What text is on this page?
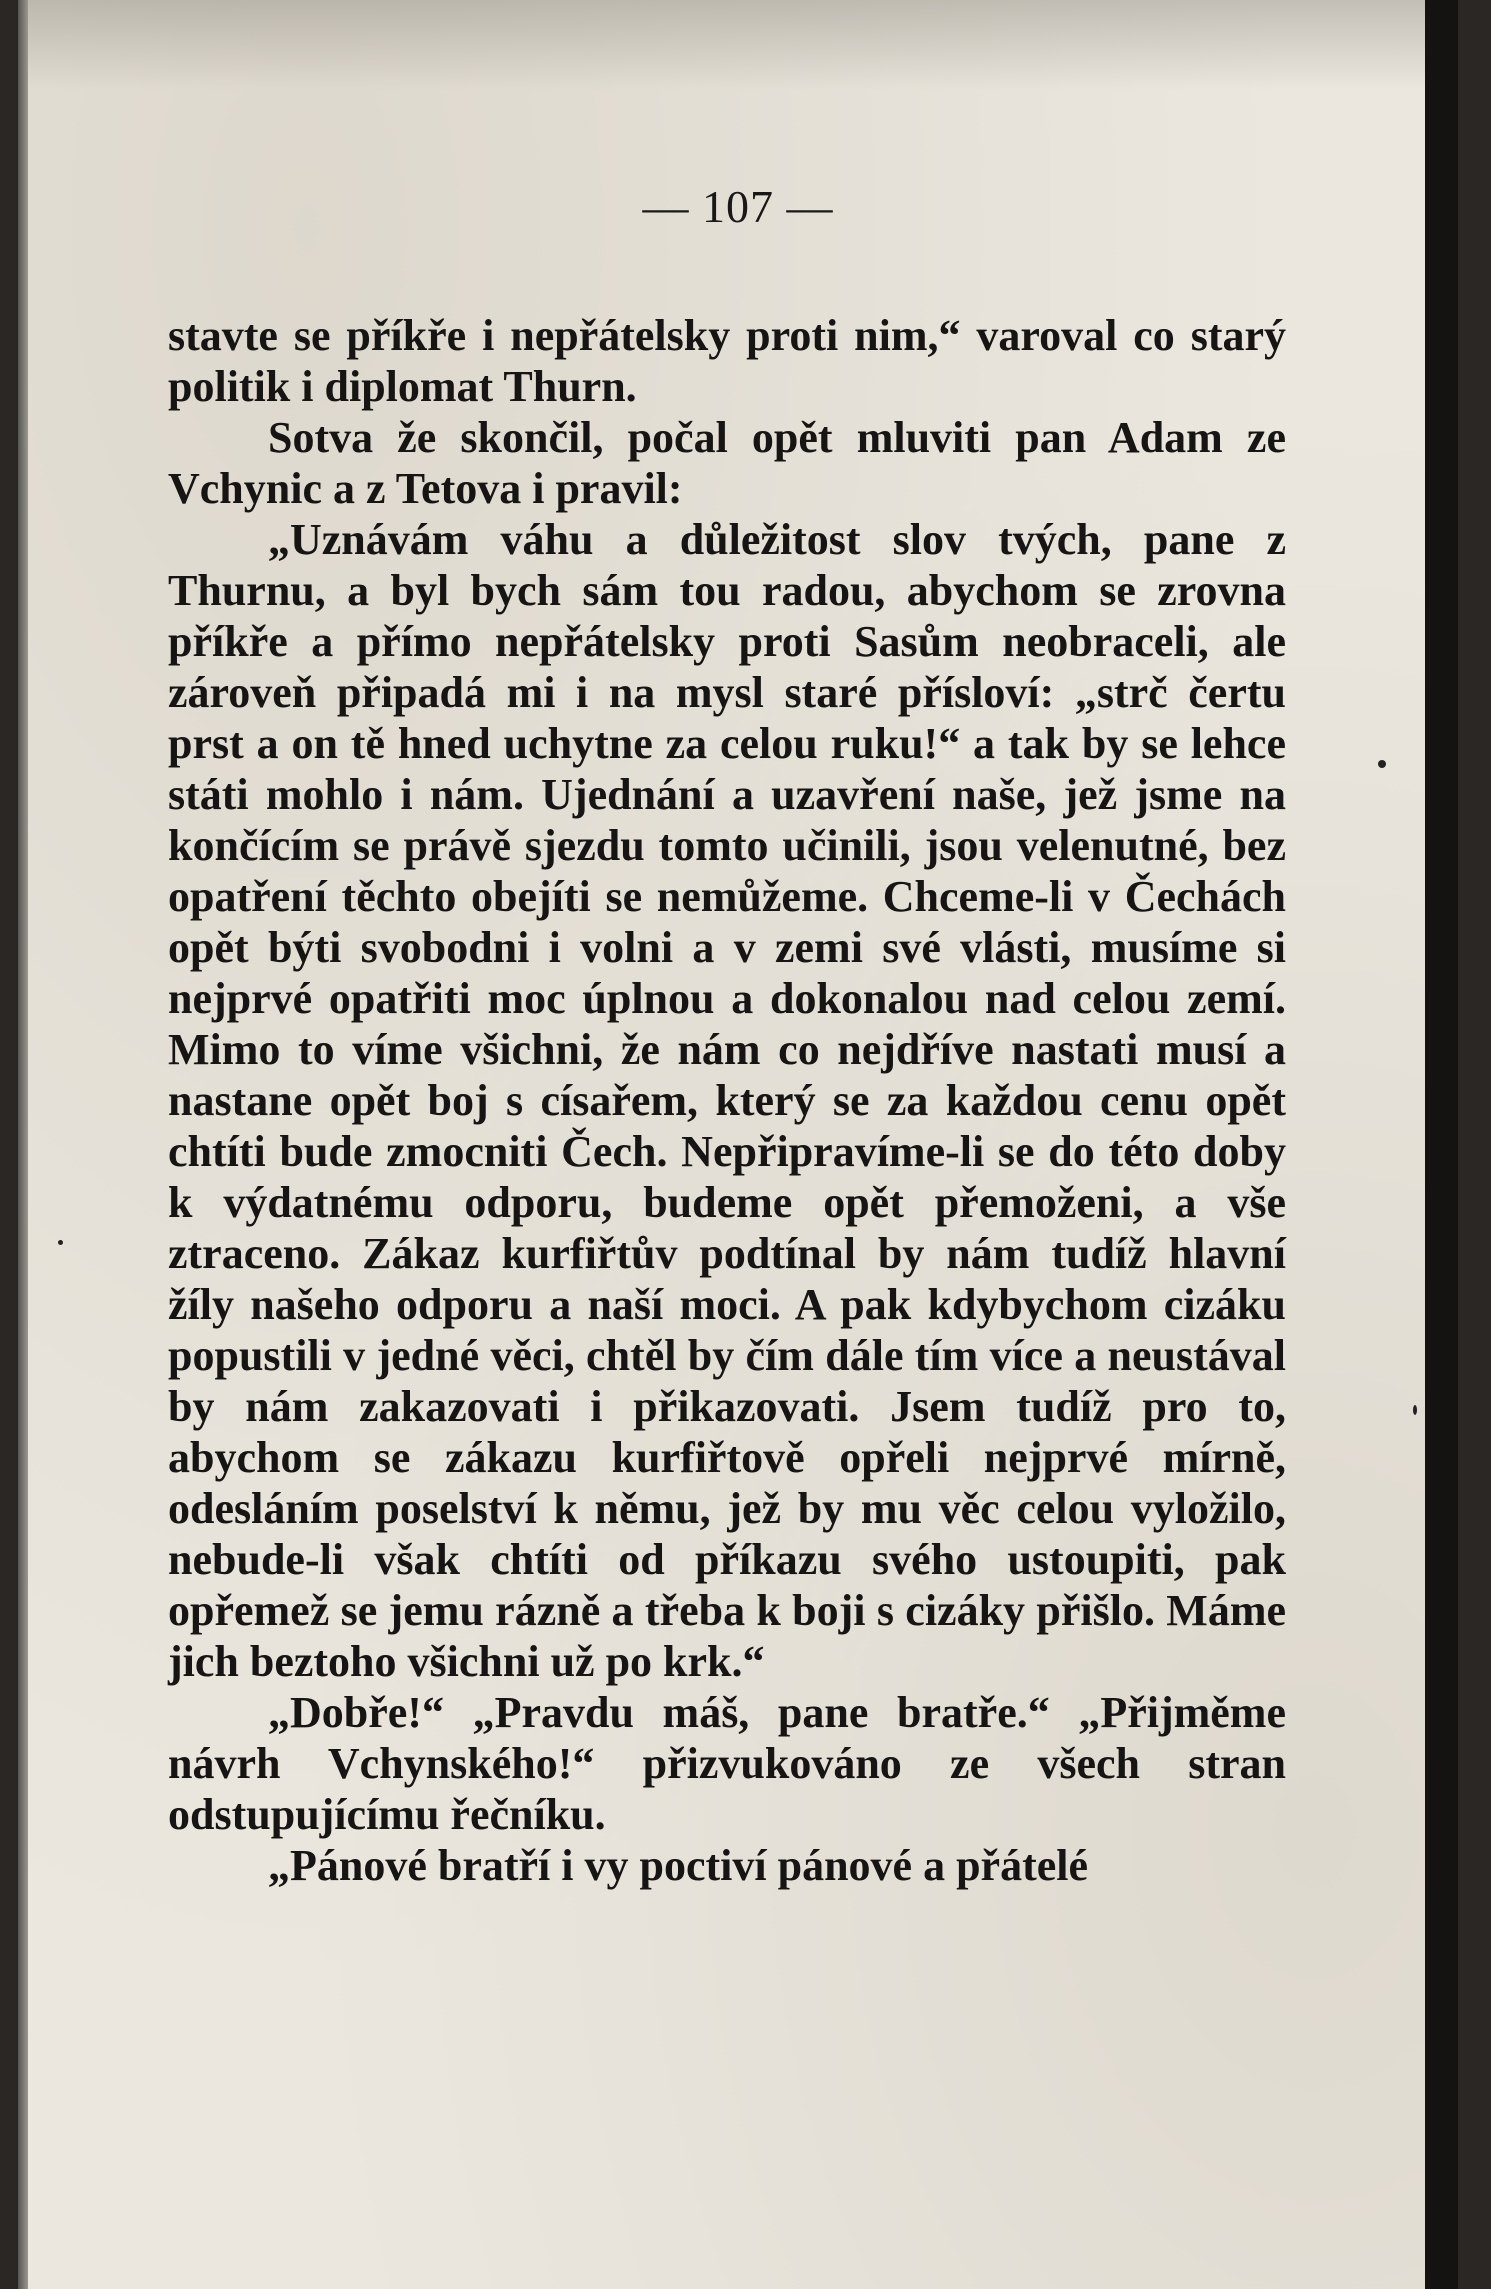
— 107 —

stavte se příkře i nepřátelsky proti nim,“ varoval co starý politik i diplomat Thurn.

Sotva že skončil, počal opět mluviti pan Adam ze Vchynic a z Tetova i pravil:

„Uznávám váhu a důležitost slov tvých, pane z Thurnu, a byl bych sám tou radou, abychom se zrovna příkře a přímo nepřátelsky proti Sasům neobraceli, ale zároveň připadá mi i na mysl staré přísloví: „strč čertu prst a on tě hned uchytne za celou ruku!“ a tak by se lehce státi mohlo i nám. Ujednání a uzavření naše, jež jsme na končícím se právě sjezdu tomto učinili, jsou velenutné, bez opatření těchto obejíti se nemůžeme. Chceme-li v Čechách opět býti svobodni i volni a v zemi své vlásti, musíme si nejprvé opatřiti moc úplnou a dokonalou nad celou zemí. Mimo to víme všichni, že nám co nejdříve nastati musí a nastane opět boj s císařem, který se za každou cenu opět chtíti bude zmocniti Čech. Nepřipravíme-li se do této doby k výdatnému odporu, budeme opět přemoženi, a vše ztraceno. Zákaz kurfiřtův podtínal by nám tudíž hlavní žíly našeho odporu a naší moci. A pak kdybychom cizáku popustili v jedné věci, chtěl by čím dále tím více a neustával by nám zakazovati i přikazovati. Jsem tudíž pro to, abychom se zákazu kurfiřtově opřeli nejprvé mírně, odesláním poselství k němu, jež by mu věc celou vyložilo, nebude-li však chtíti od příkazu svého ustoupiti, pak opřemež se jemu rázně a třeba k boji s cizáky přišlo. Máme jich beztoho všichni už po krk.“

„Dobře!“ „Pravdu máš, pane bratře.“ „Přijměme návrh Vchynského!“ přizvukováno ze všech stran odstupujícímu řečníku.

„Pánové bratří i vy poctiví pánové a přátelé
